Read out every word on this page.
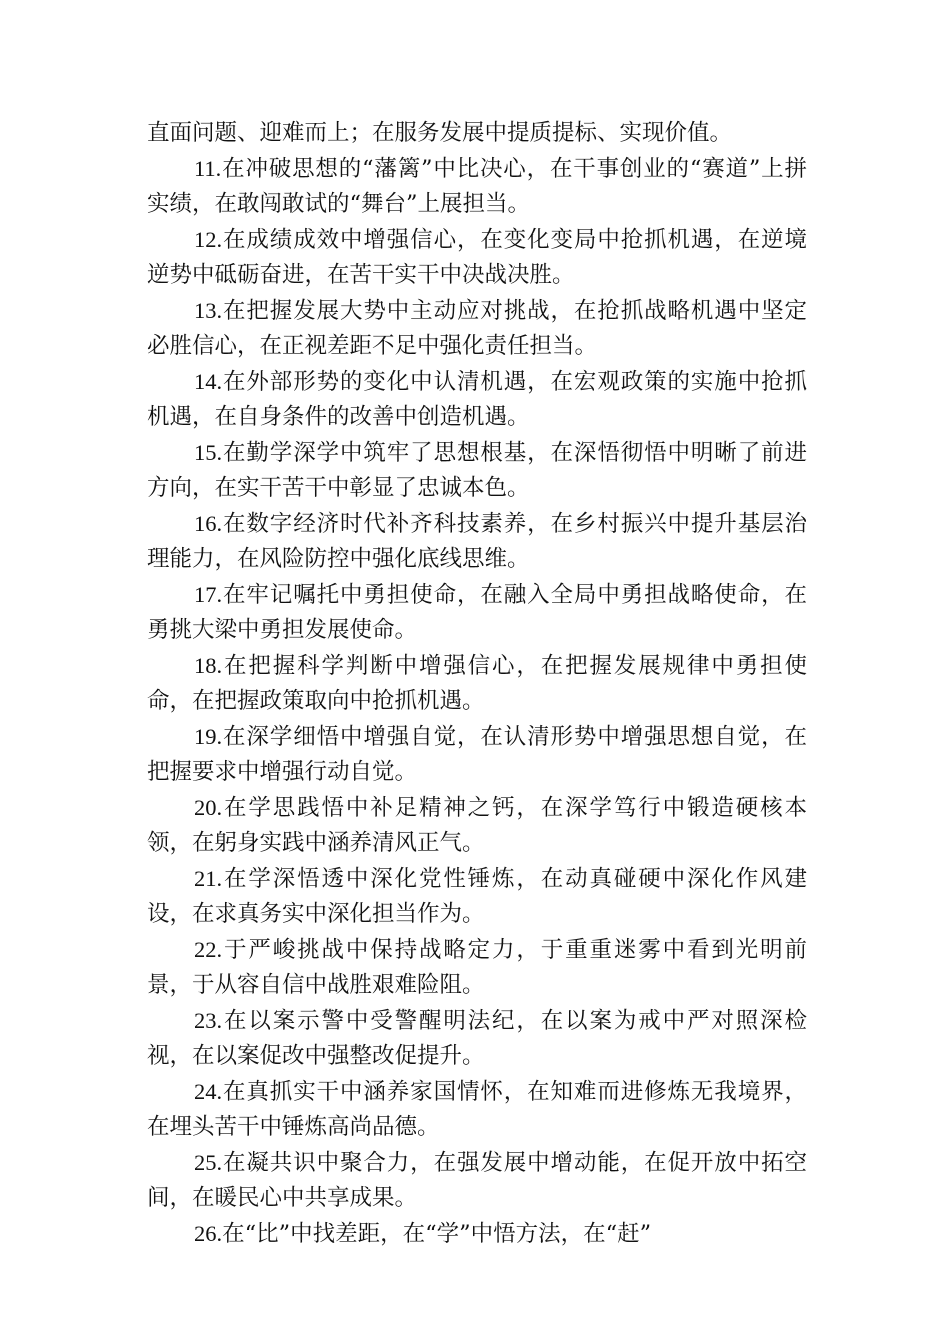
直面问题、迎难而上；在服务发展中提质提标、实现价值。

11.在冲破思想的“藩篱”中比决心，在干事创业的“赛道”上拼实绩，在敢闯敢试的“舞台”上展担当。

12.在成绩成效中增强信心，在变化变局中抢抓机遇，在逆境逆势中砥砺奋进，在苦干实干中决战决胜。

13.在把握发展大势中主动应对挑战，在抢抓战略机遇中坚定必胜信心，在正视差距不足中强化责任担当。

14.在外部形势的变化中认清机遇，在宏观政策的实施中抢抓机遇，在自身条件的改善中创造机遇。

15.在勤学深学中筑牢了思想根基，在深悟彻悟中明晰了前进方向，在实干苦干中彰显了忠诚本色。

16.在数字经济时代补齐科技素养，在乡村振兴中提升基层治理能力，在风险防控中强化底线思维。

17.在牢记嘱托中勇担使命，在融入全局中勇担战略使命，在勇挑大梁中勇担发展使命。

18.在把握科学判断中增强信心，在把握发展规律中勇担使命，在把握政策取向中抢抓机遇。

19.在深学细悟中增强自觉，在认清形势中增强思想自觉，在把握要求中增强行动自觉。

20.在学思践悟中补足精神之钙，在深学笃行中锻造硬核本领，在躬身实践中涵养清风正气。

21.在学深悟透中深化党性锤炼，在动真碰硬中深化作风建设，在求真务实中深化担当作为。

22.于严峻挑战中保持战略定力，于重重迷雾中看到光明前景，于从容自信中战胜艰难险阻。

23.在以案示警中受警醒明法纪，在以案为戒中严对照深检视，在以案促改中强整改促提升。

24.在真抓实干中涵养家国情怀，在知难而进修炼无我境界，在埋头苦干中锤炼高尚品德。

25.在凝共识中聚合力，在强发展中增动能，在促开放中拓空间，在暖民心中共享成果。

26.在“比”中找差距，在“学”中悟方法，在“赶”
